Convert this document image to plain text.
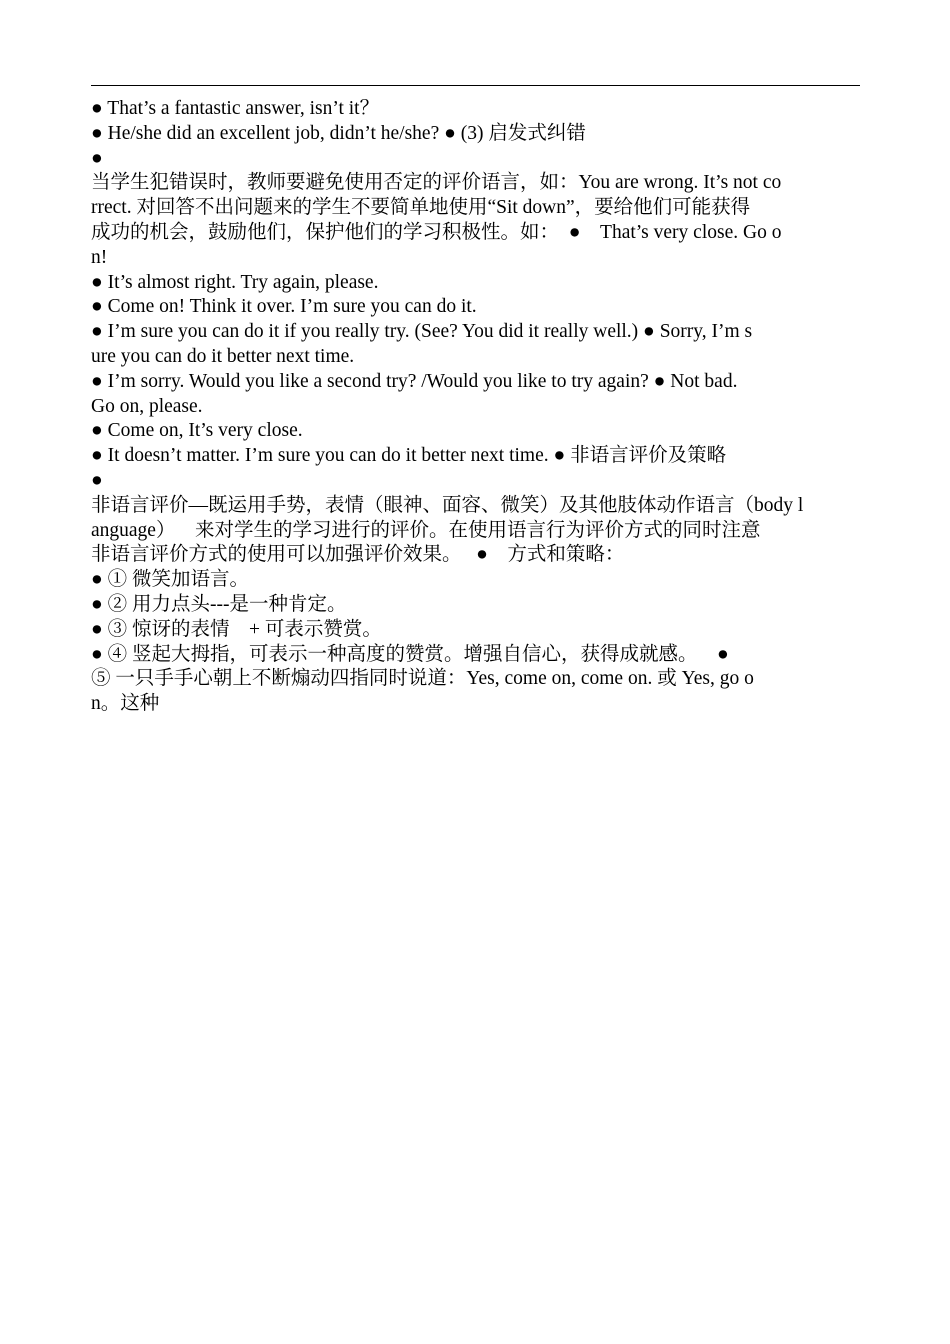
● That’s a fantastic answer, isn’t it？
● He/she did an excellent job, didn’t he/she? ● (3) 启发式纠错
●
当学生犯错误时，教师要避免使用否定的评价语言，如：You are wrong. It’s not co
rrect. 对回答不出问题来的学生不要简单地使用“Sit down”，要给他们可能获得
成功的机会，鼓励他们，保护他们的学习积极性。如：  ●    That’s very close. Go o
n!
● It’s almost right. Try again, please.
● Come on! Think it over. I’m sure you can do it.
● I’m sure you can do it if you really try. (See? You did it really well.) ● Sorry, I’m s
ure you can do it better next time.
● I’m sorry. Would you like a second try? /Would you like to try again? ● Not bad.
Go on, please.
● Come on, It’s very close.
● It doesn’t matter. I’m sure you can do it better next time. ● 非语言评价及策略
●
非语言评价—既运用手势，表情（眼神、面容、微笑）及其他肢体动作语言（body l
anguage）    来对学生的学习进行的评价。在使用语言行为评价方式的同时注意
非语言评价方式的使用可以加强评价效果。   ●    方式和策略：
● ① 微笑加语言。
● ② 用力点头---是一种肯定。
● ③ 惊讶的表情    + 可表示赞赏。
● ④ 竖起大拇指，可表示一种高度的赞赏。增强自信心，获得成就感。    ●
⑤ 一只手手心朝上不断煽动四指同时说道：Yes, come on, come on. 或 Yes, go o
n。这种
